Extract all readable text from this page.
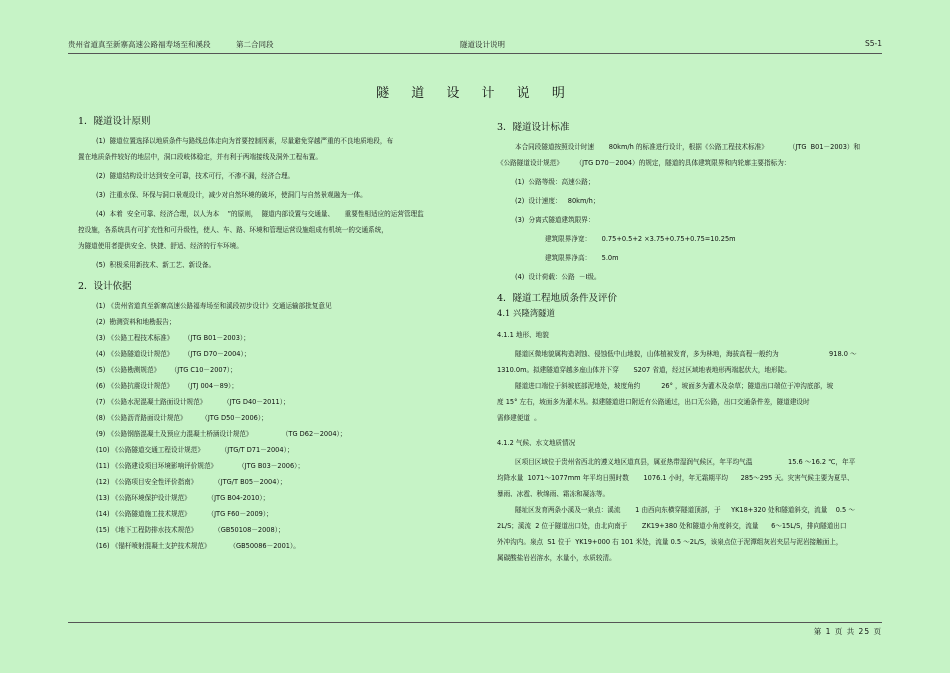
贵州省道真至新寨高速公路福寿场至和溪段	第二合同段	隧道设计说明	S5-1
隧 道 设 计 说 明
1．隧道设计原则

(1)  隧道位置选择以地质条件与路线总体走向为首要控制因素，尽量避免穿越严重的不良地质地段，布

置在地质条件较好的地层中，洞口段岐体稳定，并有利于两端接线及洞外工程布置。

(2)  隧道结构设计达到安全可靠，技术可行，不渗不漏，经济合理。

(3)  注重水保、环保与洞口景观设计，减少对自然环境的破坏，使洞门与自然景观融为一体。

(4)  本着  安全可靠、经济合理，以人为本    ”的原则，  隧道内部设置与交通量、     重要性相适应的运营管理监

控设施，各系统具有可扩充性和可升级性，使人、车、路、环境和管理运营设施组成有机统一的交通系统，

为隧道使用者提供安全、快捷、舒适、经济的行车环境。

(5)  积极采用新技术、新工艺、新设备。

2．设计依据

(1) 《贵州省道真至新寨高速公路福寿场至和溪段初步设计》交通运输部批复意见

(2)  勘测资料和地勘报告；

(3) 《公路工程技术标准》     （JTG B01－2003）；

(4) 《公路隧道设计规范》     （JTG D70－2004）；

(5) 《公路勘测规范》     （JTG C10－2007）；

(6) 《公路抗震设计规范》     （JTJ 004－89）；

(7) 《公路水泥混凝土路面设计规范》        （JTG D40－2011）；

(8) 《公路沥青路面设计规范》       （JTG D50－2006）；

(9) 《公路钢筋混凝土及预应力混凝土桥涵设计规范》              （TG D62－2004）；

(10) 《公路隧道交通工程设计规范》        （JTG/T D71－2004）；

(11) 《公路建设项目环境影响评价规范》          （JTG B03－2006）；

(12) 《公路项目安全性评价指南》        （JTG/T B05－2004）；

(13) 《公路环境保护设计规范》        （JTG B04-2010）；

(14) 《公路隧道施工技术规范》        （JTG F60－2009）；

(15) 《地下工程防排水技术规范》        （GB50108－2008）；

(16) 《锚杆喷射混凝土支护技术规范》         （GB50086－2001）。

3．隧道设计标准

本合同段隧道按照设计时速       80km/h 的标准进行设计，根据《公路工程技术标准》          （JTG  B01－2003）和

《公路隧道设计规范》      （JTG D70－2004）的规定，隧道的具体建筑限界和内轮廓主要指标为：

(1)  公路等级：高速公路；

(2)  设计速度：   80km/h；

(3)  分离式隧道建筑限界：

建筑限界净宽：     0.75+0.5+2 ×3.75+0.75+0.75=10.25m

建筑限界净高：     5.0m

(4)  设计荷载：公路  －Ⅰ级。

4．隧道工程地质条件及评价
4.1 兴隆湾隧道
4.1.1 地形、地貌

隧道区微地貌属构造剥蚀、侵蚀低中山地貌，山体植被发育，多为林地，海拔高程一般约为                        918.0 ～

1310.0m。拟建隧道穿越多座山体并下穿       S207 省道，经过区域地表地形两端起伏大，地形陡。

隧道进口端位于斜坡底部泥地处，坡度角约          26° ，坡面多为灌木及杂草；隧道出口端位于冲沟底部，坡

度 15° 左右，坡面多为灌木丛。拟建隧道进口附近有公路通过，出口无公路，出口交通条件差，隧道建设时

需修建便道  。

4.1.2 气候、水文地质情况

区项目区域位于贵州省西北的遵义地区道真县，属亚热带湿润气候区，年平均气温                 15.6 ～16.2 ℃，年平

均降水量  1071～1077mm 年平均日照时数       1076.1 小时，年无霜期平均      285～295 天。灾害气候主要为夏旱、

暴雨、冰雹、秋绵雨、霜冻和凝冻等。

隧址区发育两条小溪及一泉点：溪流       1 由西向东横穿隧道顶部，于     YK18+320 处和隧道斜交，流量    0.5 ～

2L/S；溪流  2 位于隧道出口处，由北向南于       ZK19+380 处和隧道小角度斜交，流量      6～15L/S，排向隧道出口

外冲沟内。泉点  S1 位于  YK19+000 右 101 米处，流量 0.5 ～2L/S，该泉点位于泥潭组灰岩夹层与泥岩接触面上，

属碳酸盐岩岩溶水，水量小，水质较清。

第 1 页 共 25 页
